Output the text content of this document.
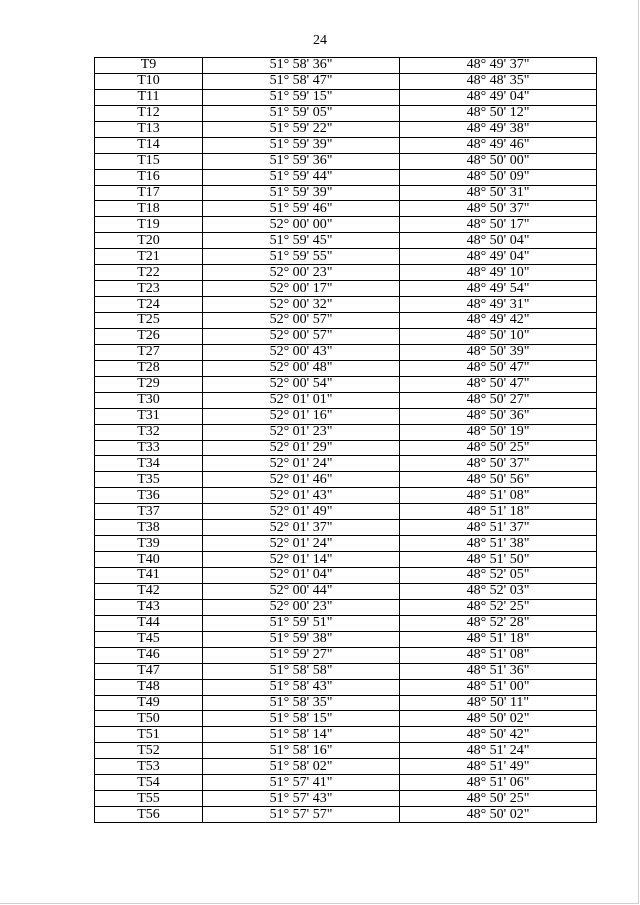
24
T9	51° 58' 36"	48° 49' 37"
T10	51° 58' 47"	48° 48' 35"
T11	51° 59' 15"	48° 49' 04"
T12	51° 59' 05"	48° 50' 12"
T13	51° 59' 22"	48° 49' 38"
T14	51° 59' 39"	48° 49' 46"
T15	51° 59' 36"	48° 50' 00"
T16	51° 59' 44"	48° 50' 09"
T17	51° 59' 39"	48° 50' 31"
T18	51° 59' 46"	48° 50' 37"
T19	52° 00' 00"	48° 50' 17"
T20	51° 59' 45"	48° 50' 04"
T21	51° 59' 55"	48° 49' 04"
T22	52° 00' 23"	48° 49' 10"
T23	52° 00' 17"	48° 49' 54"
T24	52° 00' 32"	48° 49' 31"
T25	52° 00' 57"	48° 49' 42"
T26	52° 00' 57"	48° 50' 10"
T27	52° 00' 43"	48° 50' 39"
T28	52° 00' 48"	48° 50' 47"
T29	52° 00' 54"	48° 50' 47"
T30	52° 01' 01"	48° 50' 27"
T31	52° 01' 16"	48° 50' 36"
T32	52° 01' 23"	48° 50' 19"
T33	52° 01' 29"	48° 50' 25"
T34	52° 01' 24"	48° 50' 37"
T35	52° 01' 46"	48° 50' 56"
T36	52° 01' 43"	48° 51' 08"
T37	52° 01' 49"	48° 51' 18"
T38	52° 01' 37"	48° 51' 37"
T39	52° 01' 24"	48° 51' 38"
T40	52° 01' 14"	48° 51' 50"
T41	52° 01' 04"	48° 52' 05"
T42	52° 00' 44"	48° 52' 03"
T43	52° 00' 23"	48° 52' 25"
T44	51° 59' 51"	48° 52' 28"
T45	51° 59' 38"	48° 51' 18"
T46	51° 59' 27"	48° 51' 08"
T47	51° 58' 58"	48° 51' 36"
T48	51° 58' 43"	48° 51' 00"
T49	51° 58' 35"	48° 50' 11"
T50	51° 58' 15"	48° 50' 02"
T51	51° 58' 14"	48° 50' 42"
T52	51° 58' 16"	48° 51' 24"
T53	51° 58' 02"	48° 51' 49"
T54	51° 57' 41"	48° 51' 06"
T55	51° 57' 43"	48° 50' 25"
T56	51° 57' 57"	48° 50' 02"
